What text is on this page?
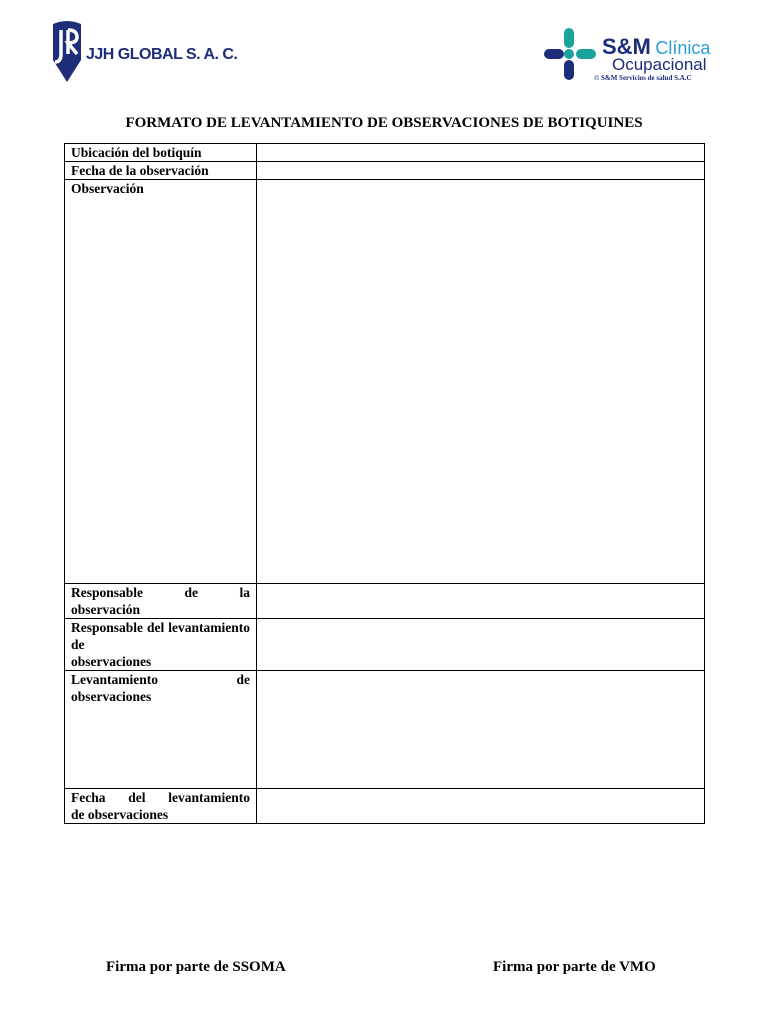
JJH GLOBAL S. A. C.	S&M Clínica
Ocupacional
© S&M Servicios de salud S.A.C
FORMATO DE LEVANTAMIENTO DE OBSERVACIONES DE BOTIQUINES
Ubicación del botiquín	
Fecha de la observación	
Observación	
Responsable de la
observación	

Responsable del levantamiento de
observaciones	

Levantamiento de
observaciones	

Fecha del levantamiento
de observaciones	

Firma por parte de SSOMA	Firma por parte de VMO
